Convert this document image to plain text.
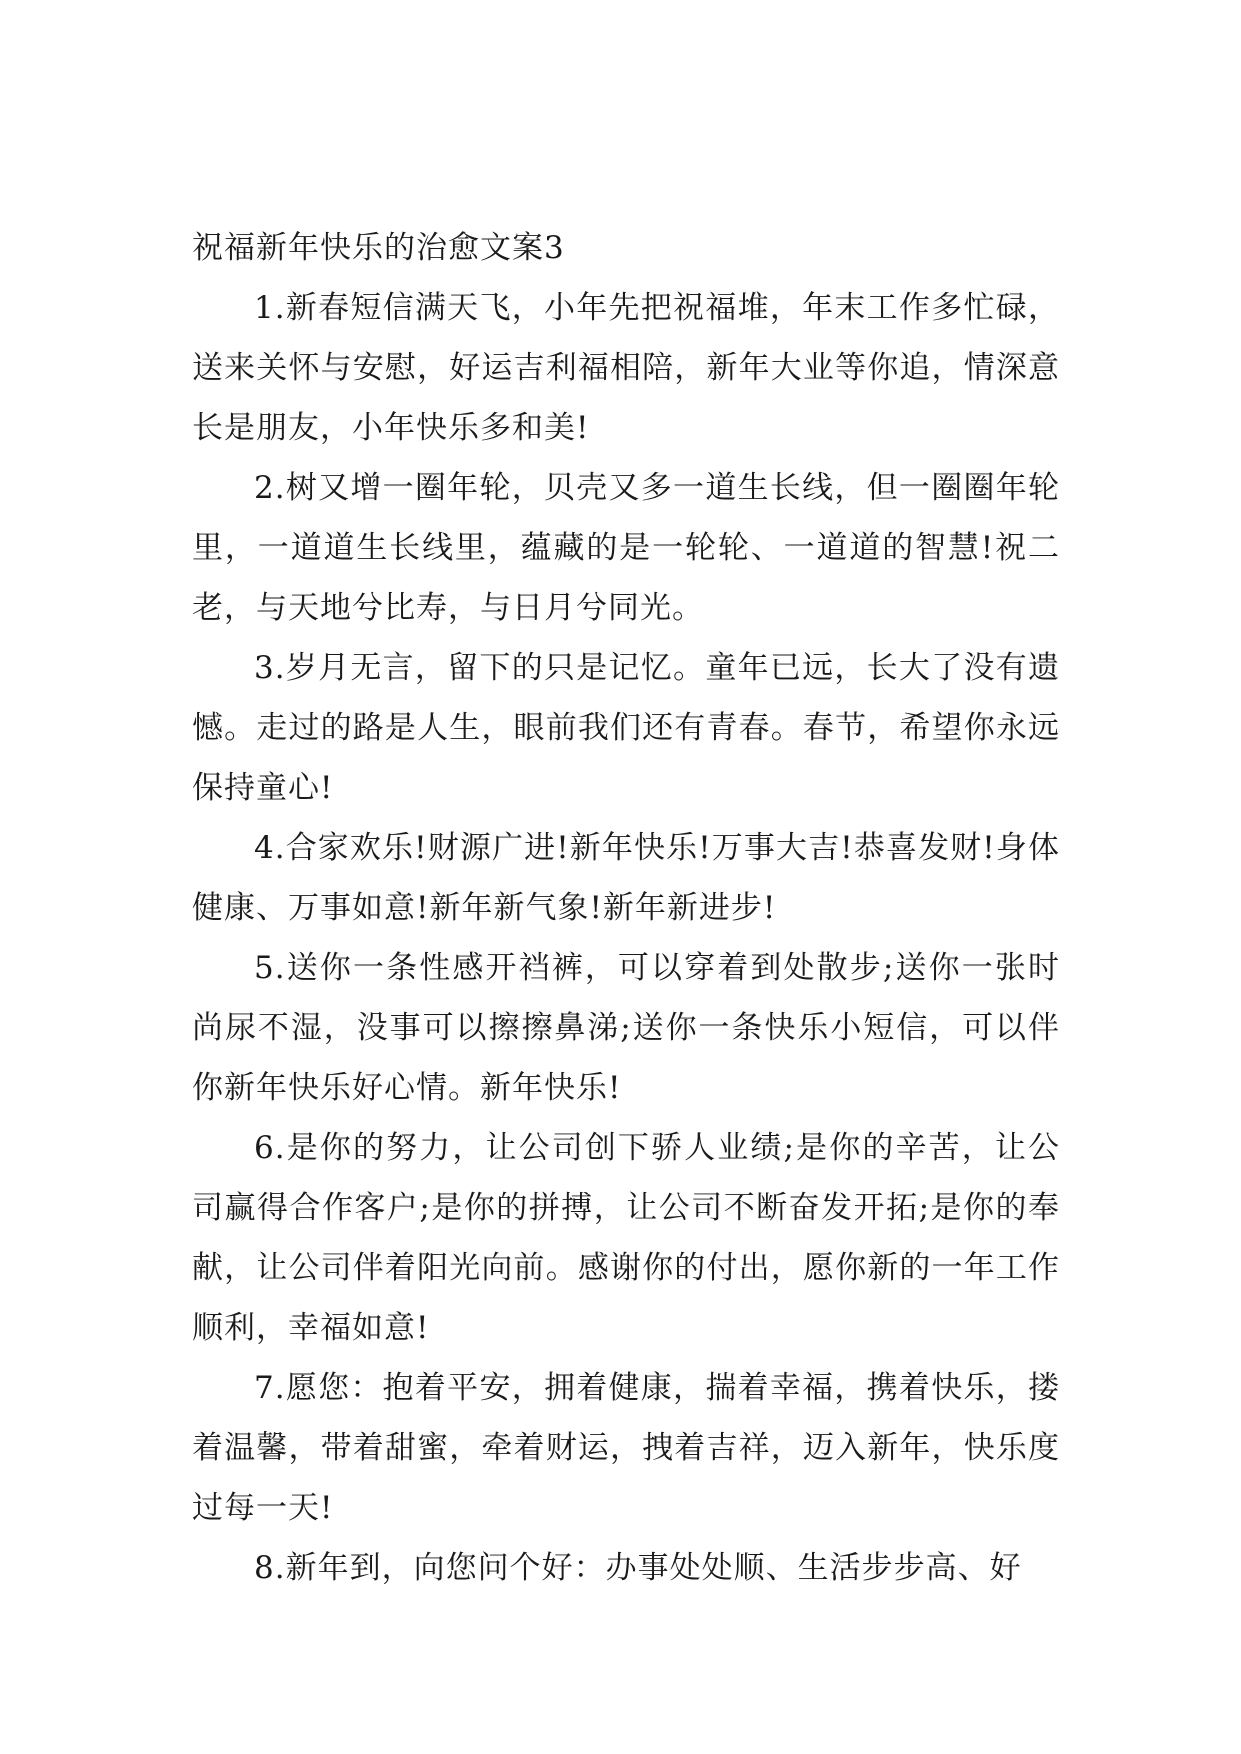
祝福新年快乐的治愈文案3

1.新春短信满天飞，小年先把祝福堆，年末工作多忙碌，送来关怀与安慰，好运吉利福相陪，新年大业等你追，情深意长是朋友，小年快乐多和美!

2.树又增一圈年轮，贝壳又多一道生长线，但一圈圈年轮里，一道道生长线里，蕴藏的是一轮轮、一道道的智慧!祝二老，与天地兮比寿，与日月兮同光。

3.岁月无言，留下的只是记忆。童年已远，长大了没有遗憾。走过的路是人生，眼前我们还有青春。春节，希望你永远保持童心!

4.合家欢乐!财源广进!新年快乐!万事大吉!恭喜发财!身体健康、万事如意!新年新气象!新年新进步!

5.送你一条性感开裆裤，可以穿着到处散步;送你一张时尚尿不湿，没事可以擦擦鼻涕;送你一条快乐小短信，可以伴你新年快乐好心情。新年快乐!

6.是你的努力，让公司创下骄人业绩;是你的辛苦，让公司赢得合作客户;是你的拼搏，让公司不断奋发开拓;是你的奉献，让公司伴着阳光向前。感谢你的付出，愿你新的一年工作顺利，幸福如意!

7.愿您：抱着平安，拥着健康，揣着幸福，携着快乐，搂着温馨，带着甜蜜，牵着财运，拽着吉祥，迈入新年，快乐度过每一天!

8.新年到，向您问个好：办事处处顺、生活步步高、好
